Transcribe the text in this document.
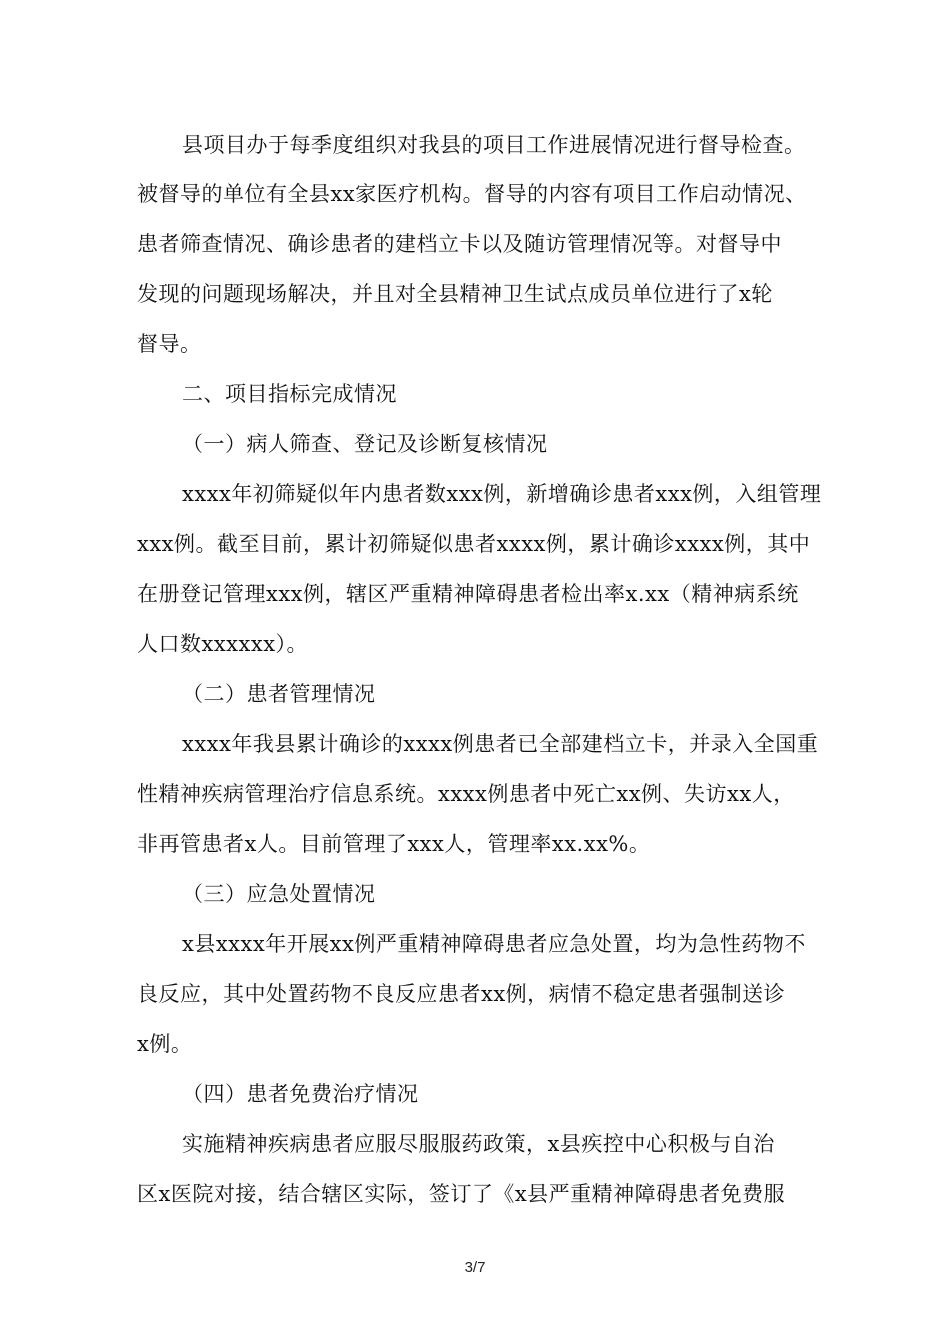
县项目办于每季度组织对我县的项目工作进展情况进行督导检查。
被督导的单位有全县xx家医疗机构。督导的内容有项目工作启动情况、
患者筛查情况、确诊患者的建档立卡以及随访管理情况等。对督导中
发现的问题现场解决，并且对全县精神卫生试点成员单位进行了x轮
督导。
二、项目指标完成情况
（一）病人筛查、登记及诊断复核情况
xxxx年初筛疑似年内患者数xxx例，新增确诊患者xxx例，入组管理
xxx例。截至目前，累计初筛疑似患者xxxx例，累计确诊xxxx例，其中
在册登记管理xxx例，辖区严重精神障碍患者检出率x.xx（精神病系统
人口数xxxxxx）。
（二）患者管理情况
xxxx年我县累计确诊的xxxx例患者已全部建档立卡，并录入全国重
性精神疾病管理治疗信息系统。xxxx例患者中死亡xx例、失访xx人，
非再管患者x人。目前管理了xxx人，管理率xx.xx%。
（三）应急处置情况
x县xxxx年开展xx例严重精神障碍患者应急处置，均为急性药物不
良反应，其中处置药物不良反应患者xx例，病情不稳定患者强制送诊
x例。
（四）患者免费治疗情况
实施精神疾病患者应服尽服服药政策，x县疾控中心积极与自治
区x医院对接，结合辖区实际，签订了《x县严重精神障碍患者免费服
3/7
